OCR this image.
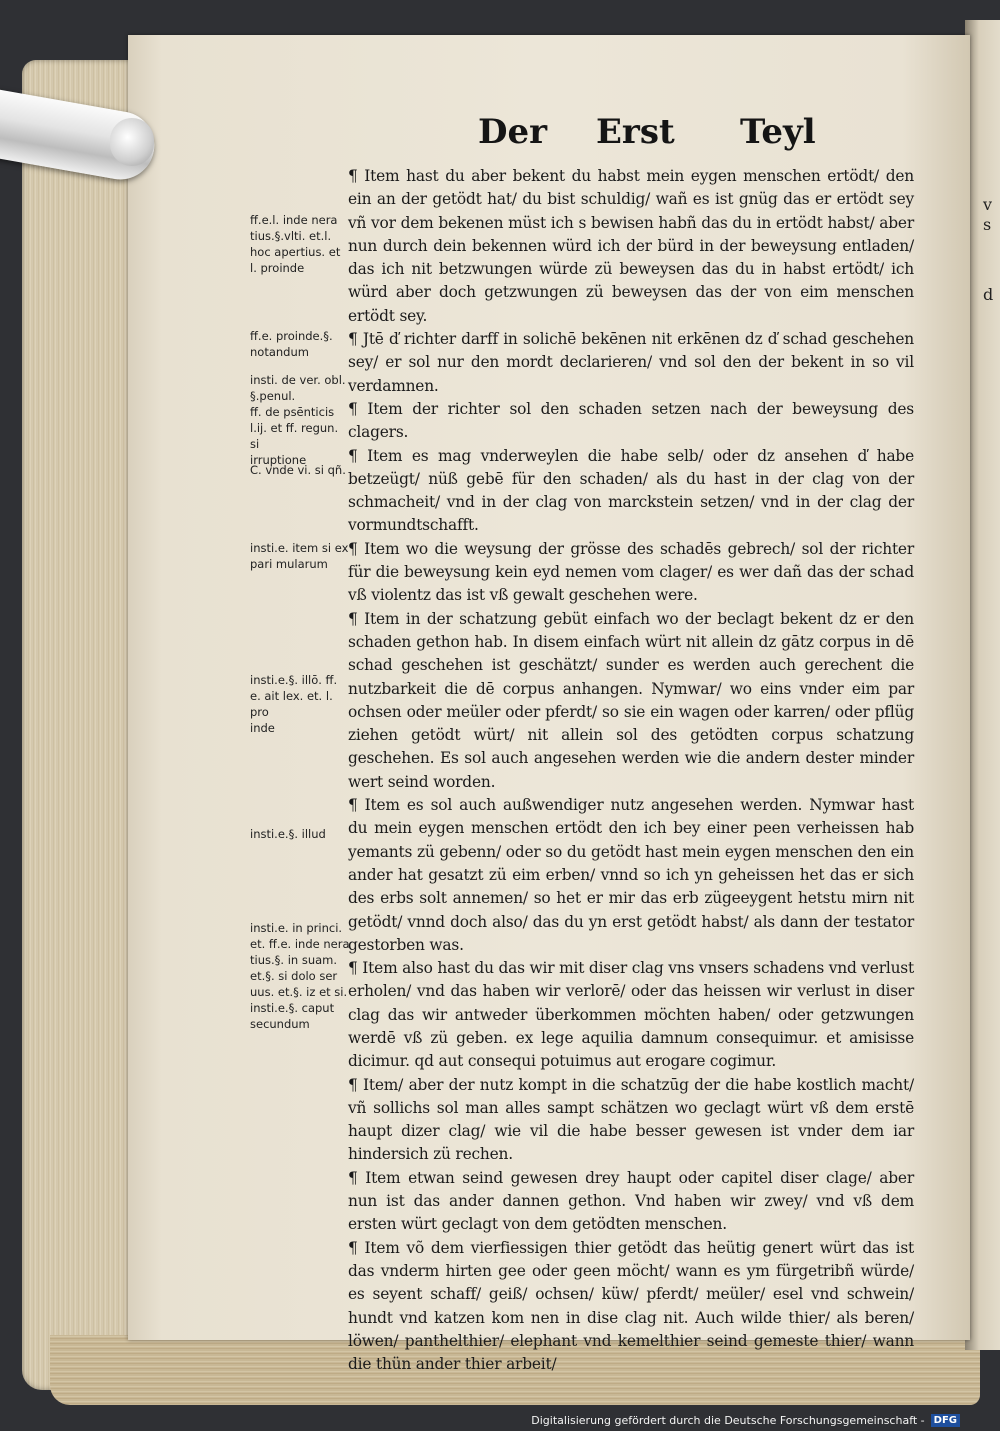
v
s
d
Der Erst Teyl

¶ Item hast du aber bekent du habst mein eygen menschen ertödt/ den ein an der getödt hat/ du bist schuldig/ wañ es ist gnüg das er ertödt sey vñ vor dem bekenen müst ich s bewisen habñ das du in ertödt habst/ aber nun durch dein bekennen würd ich der bürd in der beweysung entladen/ das ich nit betzwungen würde zü beweysen das du in habst ertödt/ ich würd aber doch getzwungen zü beweysen das der von eim menschen ertödt sey.

¶ Jtē ď richter darff in solichē bekēnen nit erkēnen dz ď schad geschehen sey/ er sol nur den mordt declarieren/ vnd sol den der bekent in so vil verdamnen.

¶ Item der richter sol den schaden setzen nach der beweysung des clagers.

¶ Item es mag vnderweylen die habe selb/ oder dz ansehen ď habe betzeügt/ nüß gebē für den schaden/ als du hast in der clag von der schmacheit/ vnd in der clag von marckstein setzen/ vnd in der clag der vormundtschafft.

¶ Item wo die weysung der grösse des schadēs gebrech/ sol der richter für die beweysung kein eyd nemen vom clager/ es wer dañ das der schad vß violentz das ist vß gewalt geschehen were.

¶ Item in der schatzung gebüt einfach wo der beclagt bekent dz er den schaden gethon hab. In disem einfach würt nit allein dz gātz corpus in dē schad geschehen ist geschätzt/ sunder es werden auch gerechent die nutzbarkeit die dē corpus anhangen. Nymwar/ wo eins vnder eim par ochsen oder meüler oder pferdt/ so sie ein wagen oder karren/ oder pflüg ziehen getödt würt/ nit allein sol des getödten corpus schatzung geschehen. Es sol auch angesehen werden wie die andern dester minder wert seind worden.

¶ Item es sol auch außwendiger nutz angesehen werden. Nymwar hast du mein eygen menschen ertödt den ich bey einer peen verheissen hab yemants zü gebenn/ oder so du getödt hast mein eygen menschen den ein ander hat gesatzt zü eim erben/ vnnd so ich yn geheissen het das er sich des erbs solt annemen/ so het er mir das erb zügeeygent hetstu mirn nit getödt/ vnnd doch also/ das du yn erst getödt habst/ als dann der testator gestorben was.

¶ Item also hast du das wir mit diser clag vns vnsers schadens vnd verlust erholen/ vnd das haben wir verlorē/ oder das heissen wir verlust in diser clag das wir antweder überkommen möchten haben/ oder getzwungen werdē vß zü geben. ex lege aquilia damnum consequimur. et amisisse dicimur. qd aut consequi potuimus aut erogare cogimur.

¶ Item/ aber der nutz kompt in die schatzūg der die habe kostlich macht/ vñ sollichs sol man alles sampt schätzen wo geclagt würt vß dem erstē haupt dizer clag/ wie vil die habe besser gewesen ist vnder dem iar hindersich zü rechen.

¶ Item etwan seind gewesen drey haupt oder capitel diser clage/ aber nun ist das ander dannen gethon. Vnd haben wir zwey/ vnd vß dem ersten würt geclagt von dem getödten menschen.

¶ Item võ dem vierfiessigen thier getödt das heütig genert würt das ist das vnderm hirten gee oder geen möcht/ wann es ym fürgetribñ würde/ es seyent schaff/ geiß/ ochsen/ küw/ pferdt/ meüler/ esel vnd schwein/ hundt vnd katzen kom nen in dise clag nit. Auch wilde thier/ als beren/ löwen/ panthelthier/ elephant vnd kemelthier seind gemeste thier/ wann die thün ander thier arbeit/

ff.e.l. inde nera
tius.§.vlti. et.l.
hoc apertius. et
l. proinde
ff.e. proinde.§.
notandum
insti. de ver. obl.
§.penul.
ff. de psēnticis
l.ij. et ff. regun. si
irruptione
C. vnde vi. si qñ.
insti.e. item si ex
pari mularum
insti.e.§. illō. ff.
e. ait lex. et. l. pro
inde
insti.e.§. illud
insti.e. in princi.
et. ff.e. inde nera
tius.§. in suam.
et.§. si dolo ser
uus. et.§. iz et si.
insti.e.§. caput
secundum
Digitalisierung gefördert durch die Deutsche Forschungsgemeinschaft - DFG
